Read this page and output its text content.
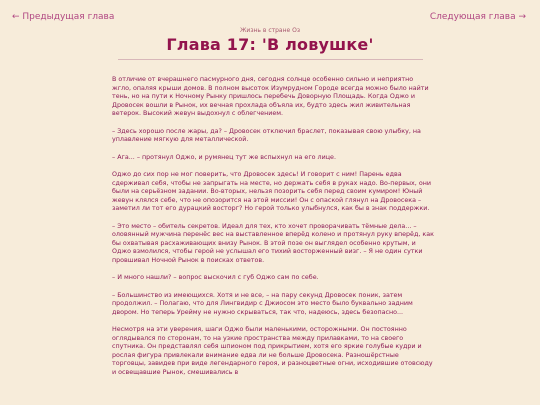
← Предыдущая глава
Жизнь в стране Оз
Следующая глава →
Глава 17: 'В ловушке'

В отличие от вчерашнего пасмурного дня, сегодня солнце особенно сильно и неприятно жгло, опаляя крыши домов. В полном высоток Изумрудном Городе всегда можно было найти тень, но на пути к Ночному Рынку пришлось перебечь Доворную Площадь. Когда Оджо и Дровосек вошли в Рынок, их вечная прохлада объяла их, будто здесь жил живительная ветерок. Высокий жевун выдохнул с облегчением.

– Здесь хорошо после жары, да? – Дровосек отключил браслет, показывая свою улыбку, на уплавление мягкую для металлической.

– Ага... – протянул Оджо, и румянец тут же вспыхнул на его лице.

Оджо до сих пор не мог поверить, что Дровосек здесь! И говорит с ним! Парень едва сдерживал себя, чтобы не запрыгать на месте, но держать себя в руках надо. Во-первых, они были на серьёзном задании. Во-вторых, нельзя позорить себя перед своим кумиром! Юный жевун клялся себе, что не опозорится на этой миссии! Он с опаской глянул на Дровосека – заметил ли тот его дурацкий восторг? Но герой только улыбнулся, как бы в знак поддержки.

– Это место – обитель секретов. Идеал для тех, кто хочет проворачивать тёмные дела... – оловянный мужчина перенёс вес на выставленное вперёд колено и протянул руку вперёд, как бы охватывая расхаживающих внизу Рынок. В этой позе он выглядел особенно крутым, и Оджо взмолился, чтобы герой не услышал его тихий восторженный визг. – Я не один сутки провшивал Ночной Рынок в поисках ответов.

– И много нашли? – вопрос выскочил с губ Оджо сам по себе.

– Большинство из имеющихся. Хотя и не все, – на пару секунд Дровосек поник, затем продолжил. – Полагаю, что для Лингвидир с Джиосом это место было буквально задним двором. Но теперь Урейму не нужно скрываться, так что, надеюсь, здесь безопасно...

Несмотря на эти уверения, шаги Оджо были маленькими, осторожными. Он постоянно оглядывался по сторонам, то на узкие пространства между прилавками, то на своего спутника. Он представлял себя шпионом под прикрытием, хотя его яркие голубые кудри и рослая фигура привлекали внимание едва ли не больше Дровосека. Разношёрстные торговцы, завидев при виде легендарного героя, и разноцветные огни, исходившие отовсюду и освещавшие Рынок, смешивались в
